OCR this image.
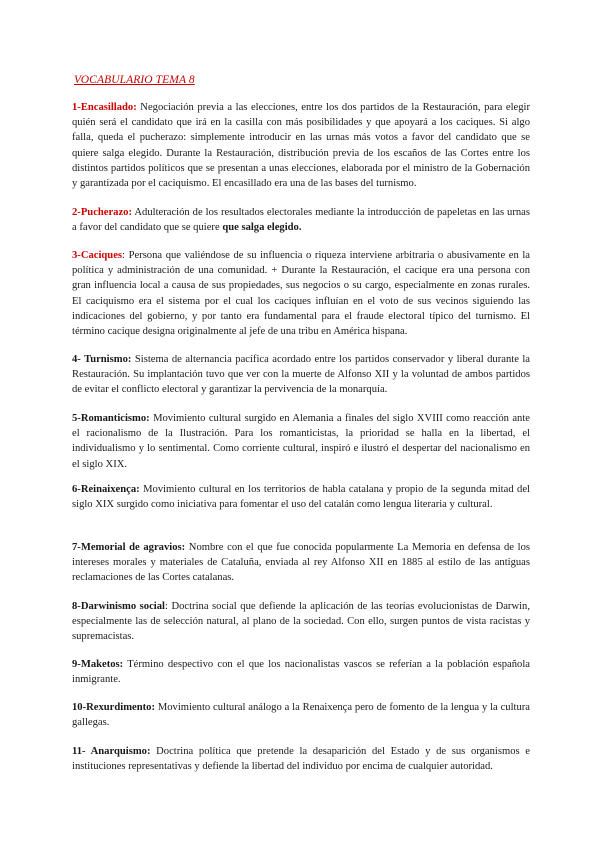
VOCABULARIO TEMA 8

1-Encasillado: Negociación previa a las elecciones, entre los dos partidos de la Restauración, para elegir quién será el candidato que irá en la casilla con más posibilidades y que apoyará a los caciques. Si algo falla, queda el pucherazo: simplemente introducir en las urnas más votos a favor del candidato que se quiere salga elegido. Durante la Restauración, distribución previa de los escaños de las Cortes entre los distintos partidos políticos que se presentan a unas elecciones, elaborada por el ministro de la Gobernación y garantizada por el caciquismo. El encasillado era una de las bases del turnismo.

2-Pucherazo: Adulteración de los resultados electorales mediante la introducción de papeletas en las urnas a favor del candidato que se quiere que salga elegido.

3-Caciques: Persona que valiéndose de su influencia o riqueza interviene arbitraria o abusivamente en la política y administración de una comunidad. + Durante la Restauración, el cacique era una persona con gran influencia local a causa de sus propiedades, sus negocios o su cargo, especialmente en zonas rurales. El caciquismo era el sistema por el cual los caciques influían en el voto de sus vecinos siguiendo las indicaciones del gobierno, y por tanto era fundamental para el fraude electoral típico del turnismo. El término cacique designa originalmente al jefe de una tribu en América hispana.

4- Turnismo: Sistema de alternancia pacífica acordado entre los partidos conservador y liberal durante la Restauración. Su implantación tuvo que ver con la muerte de Alfonso XII y la voluntad de ambos partidos de evitar el conflicto electoral y garantizar la pervivencia de la monarquía.

5-Romanticismo: Movimiento cultural surgido en Alemania a finales del siglo XVIII como reacción ante el racionalismo de la Ilustración. Para los romanticistas, la prioridad se halla en la libertad, el individualismo y lo sentimental. Como corriente cultural, inspiró e ilustró el despertar del nacionalismo en el siglo XIX.

6-Reinaixença: Movimiento cultural en los territorios de habla catalana y propio de la segunda mitad del siglo XIX surgido como iniciativa para fomentar el uso del catalán como lengua literaria y cultural.

7-Memorial de agravios: Nombre con el que fue conocida popularmente La Memoria en defensa de los intereses morales y materiales de Cataluña, enviada al rey Alfonso XII en 1885 al estilo de las antiguas reclamaciones de las Cortes catalanas.

8-Darwinismo social: Doctrina social que defiende la aplicación de las teorías evolucionistas de Darwin, especialmente las de selección natural, al plano de la sociedad. Con ello, surgen puntos de vista racistas y supremacistas.

9-Maketos: Término despectivo con el que los nacionalistas vascos se referían a la población española inmigrante.

10-Rexurdimento: Movimiento cultural análogo a la Renaixença pero de fomento de la lengua y la cultura gallegas.

11- Anarquismo: Doctrina política que pretende la desaparición del Estado y de sus organismos e instituciones representativas y defiende la libertad del individuo por encima de cualquier autoridad.
